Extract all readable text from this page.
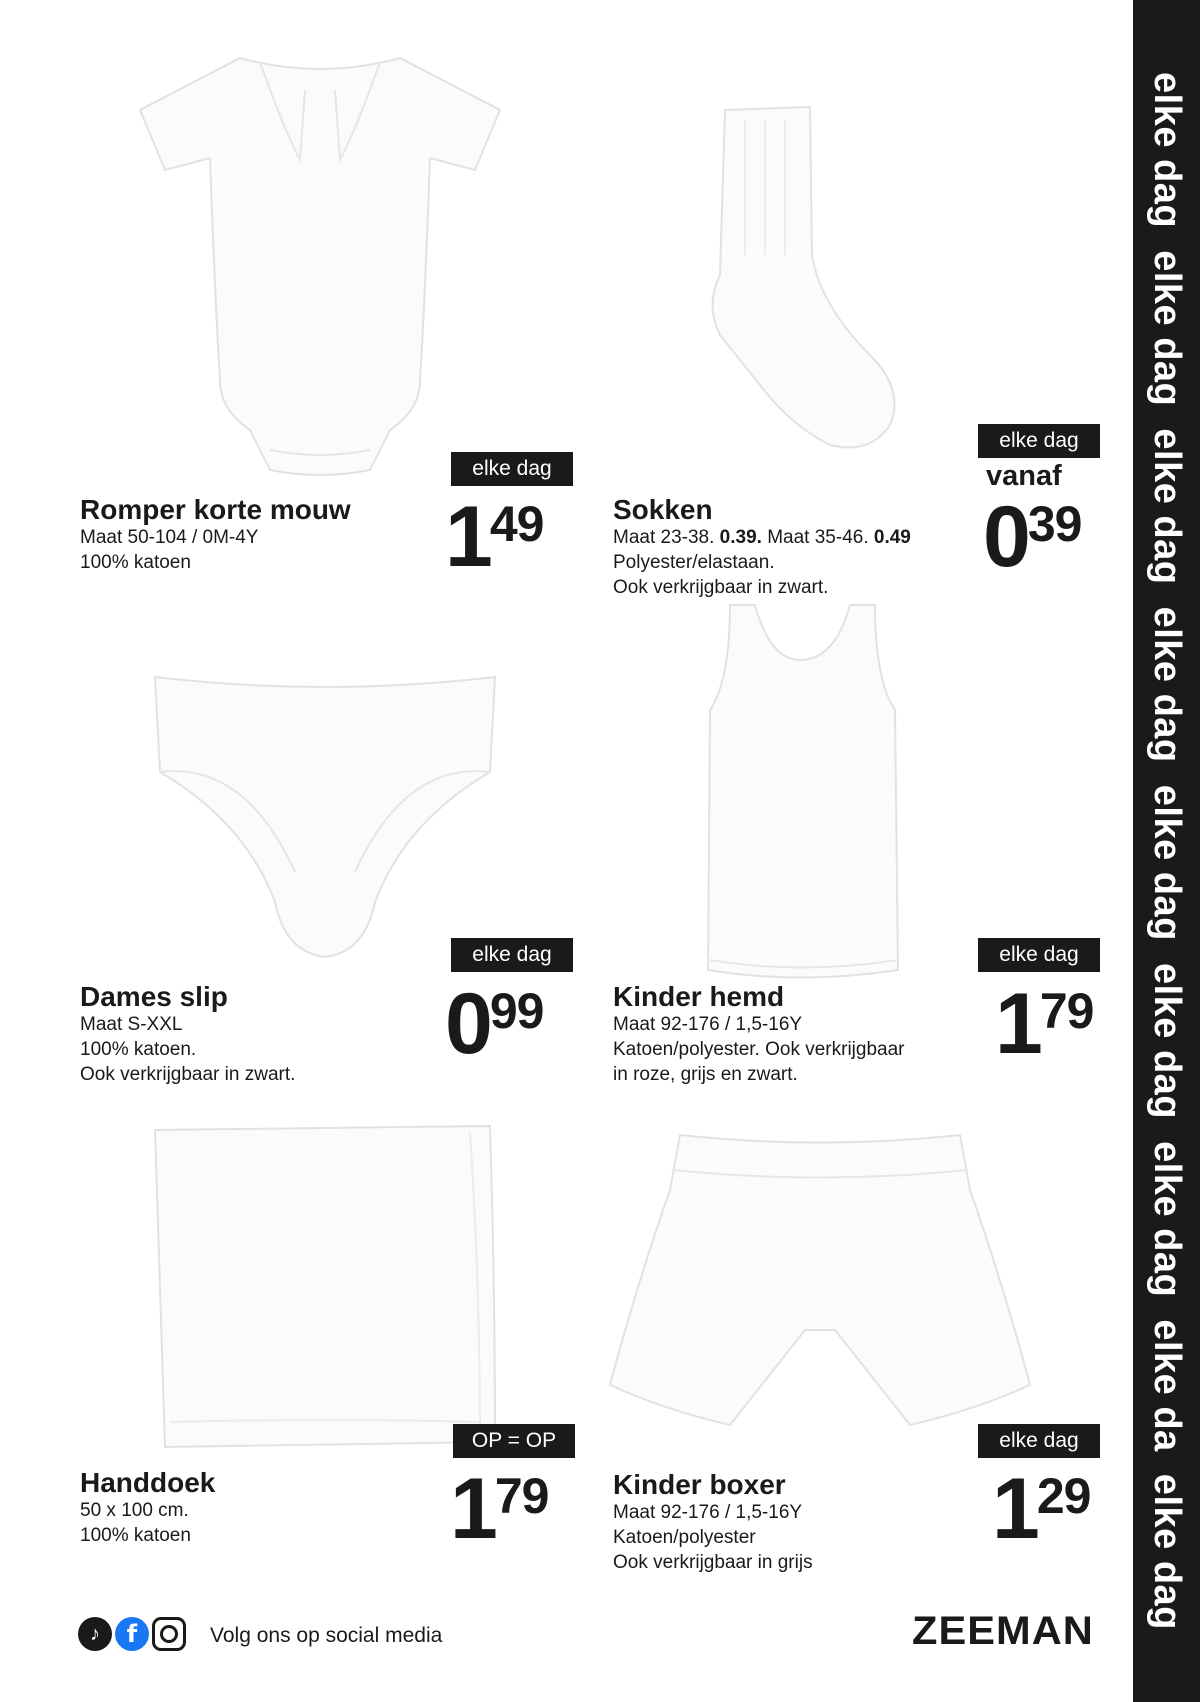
elke dag  elke dag  elke dag  elke dag  elke dag  elke dag  elke dag  elke da  elke dag
Romper korte mouw

Maat 50-104 / 0M-4Y

100% katoen

elke dag
149 Sokken

Maat 23-38. 0.39. Maat 35-46. 0.49

Polyester/elastaan.

Ook verkrijgbaar in zwart.

elke dag
vanaf
039
Dames slip

Maat S-XXL

100% katoen.

Ook verkrijgbaar in zwart.

elke dag
099 Kinder hemd

Maat 92-176 / 1,5-16Y

Katoen/polyester. Ook verkrijgbaar

in roze, grijs en zwart.

elke dag
179
Handdoek

50 x 100 cm.

100% katoen

OP = OP
179 Kinder boxer

Maat 92-176 / 1,5-16Y

Katoen/polyester

Ook verkrijgbaar in grijs

elke dag
129
♪	f	Volg ons op social media	ZEEMAN
